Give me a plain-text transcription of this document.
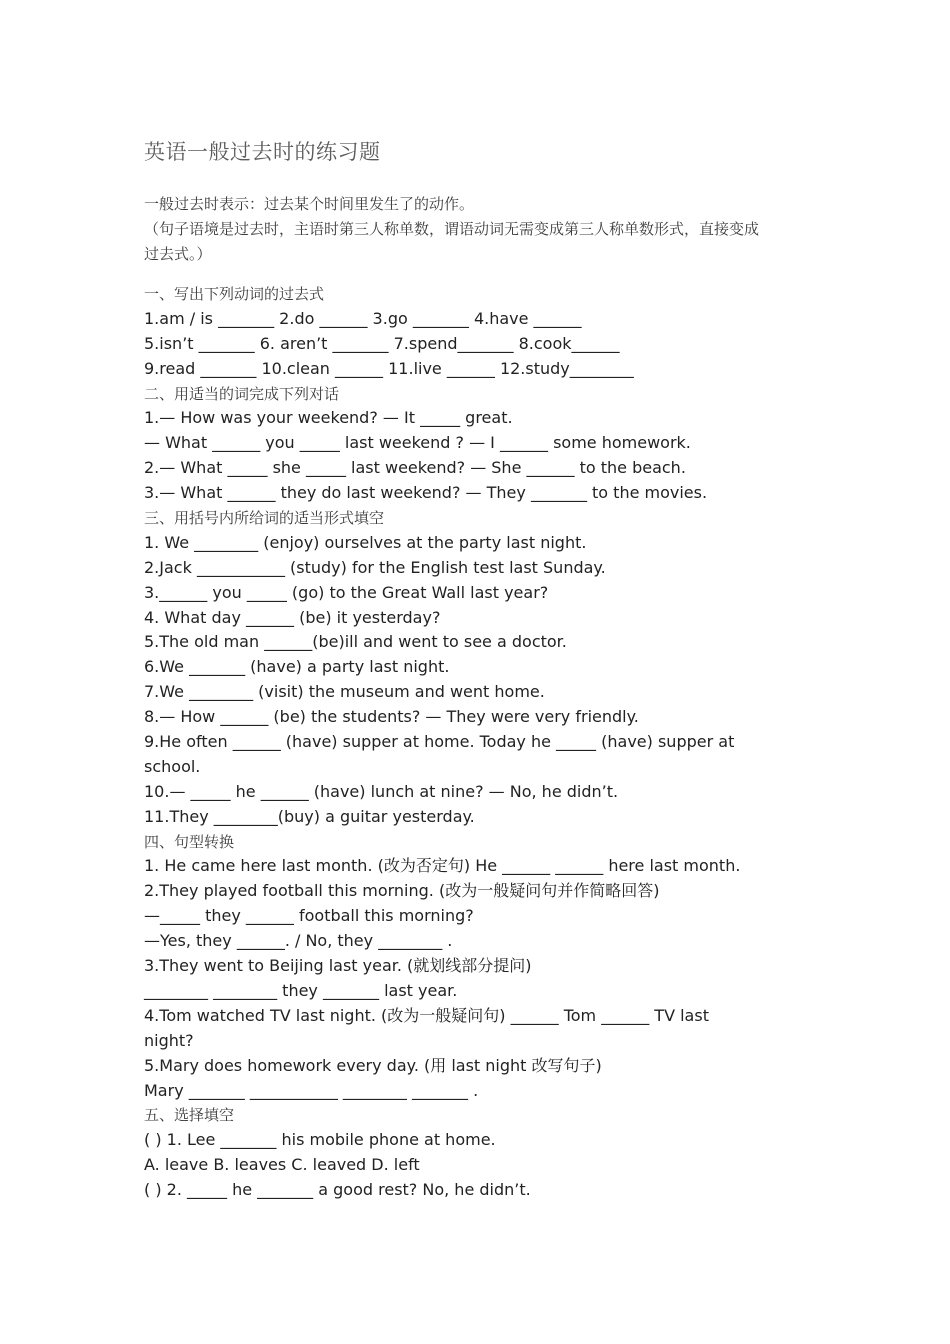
英语一般过去时的练习题

一般过去时表示：过去某个时间里发生了的动作。

（句子语境是过去时，主语时第三人称单数，谓语动词无需变成第三人称单数形式，直接变成

过去式。）

一、写出下列动词的过去式
1.am / is _______ 2.do ______ 3.go _______ 4.have ______
5.isn’t _______ 6. aren’t _______ 7.spend_______ 8.cook______
9.read _______ 10.clean ______ 11.live ______ 12.study________
二、用适当的词完成下列对话
1.— How was your weekend? — It _____ great.
— What ______ you _____ last weekend ? — I ______ some homework.
2.— What _____ she _____ last weekend? — She ______ to the beach.
3.— What ______ they do last weekend? — They _______ to the movies.
三、用括号内所给词的适当形式填空
1. We ________ (enjoy) ourselves at the party last night.
2.Jack ___________ (study) for the English test last Sunday.
3.______ you _____ (go) to the Great Wall last year?
4. What day ______ (be) it yesterday?
5.The old man ______(be)ill and went to see a doctor.
6.We _______ (have) a party last night.
7.We ________ (visit) the museum and went home.
8.— How ______ (be) the students? — They were very friendly.
9.He often ______ (have) supper at home. Today he _____ (have) supper at
school.
10.— _____ he ______ (have) lunch at nine? — No, he didn’t.
11.They ________(buy) a guitar yesterday.
四、句型转换
1. He came here last month. (改为否定句) He ______ ______ here last month.
2.They played football this morning. (改为一般疑问句并作简略回答)
—_____ they ______ football this morning?
—Yes, they ______. / No, they ________ .
3.They went to Beijing last year. (就划线部分提问)
________ ________ they _______ last year.
4.Tom watched TV last night. (改为一般疑问句) ______ Tom ______ TV last
night?
5.Mary does homework every day. (用 last night 改写句子)
Mary _______ ___________ ________ _______ .
五、选择填空
( ) 1. Lee _______ his mobile phone at home.
A. leave B. leaves C. leaved D. left
( ) 2. _____ he _______ a good rest? No, he didn’t.
